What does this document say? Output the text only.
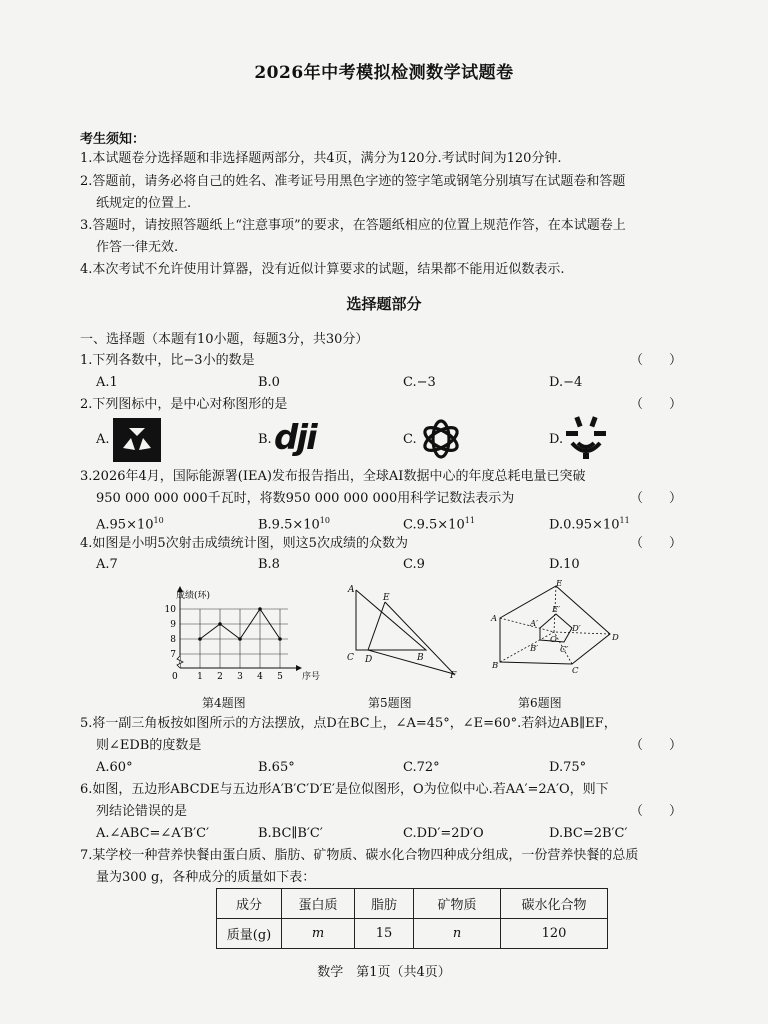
2026年中考模拟检测数学试题卷
考生须知：
1.本试题卷分选择题和非选择题两部分，共4页，满分为120分.考试时间为120分钟.
2.答题前，请务必将自己的姓名、准考证号用黑色字迹的签字笔或钢笔分别填写在试题卷和答题
纸规定的位置上.
3.答题时，请按照答题纸上“注意事项”的要求，在答题纸相应的位置上规范作答，在本试题卷上
作答一律无效.
4.本次考试不允许使用计算器，没有近似计算要求的试题，结果都不能用近似数表示.
选择题部分
一、选择题（本题有10小题，每题3分，共30分）
1.下列各数中，比−3小的数是	（　　）
A.1	B.0	C.−3	D.−4
2.下列图标中，是中心对称图形的是	（　　）
A.	B.	C.	D.
dji
3.2026年4月，国际能源署(IEA)发布报告指出，全球AI数据中心的年度总耗电量已突破
950 000 000 000千瓦时，将数950 000 000 000用科学记数法表示为	（　　）
$A.95\times 10^{10}$	$B.9.5\times 10^{10}$	$C.9.5\times 10^{11}$	$D.0.95\times 10^{11}$
4.如图是小明5次射击成绩统计图，则这5次成绩的众数为	（　　）
A.7	B.8	C.9	D.10
7
8
9
10
1 2 3 4 5
0
成绩(环)
序号
第4题图
A
E
C D	B
F
第5题图
A
E
D
C
B
A′
E′
D′
C′
B′
O
第6题图
5.将一副三角板按如图所示的方法摆放，点D在BC上，∠A=45°，∠E=60°.若斜边AB∥EF，
则∠EDB的度数是	（　　）
A.60°	B.65°	C.72°	D.75°
6.如图，五边形ABCDE与五边形A′B′C′D′E′是位似图形，O为位似中心.若AA′=2A′O，则下
列结论错误的是	（　　）
A.∠ABC=∠A′B′C′	B.BC∥B′C′	C.DD′=2D′O	D.BC=2B′C′
7.某学校一种营养快餐由蛋白质、脂肪、矿物质、碳水化合物四种成分组成，一份营养快餐的总质
量为300 g，各种成分的质量如下表：
成分	蛋白质	脂肪	矿物质	碳水化合物
质量(g)	m	15	n	120
数学　第1页（共4页）
